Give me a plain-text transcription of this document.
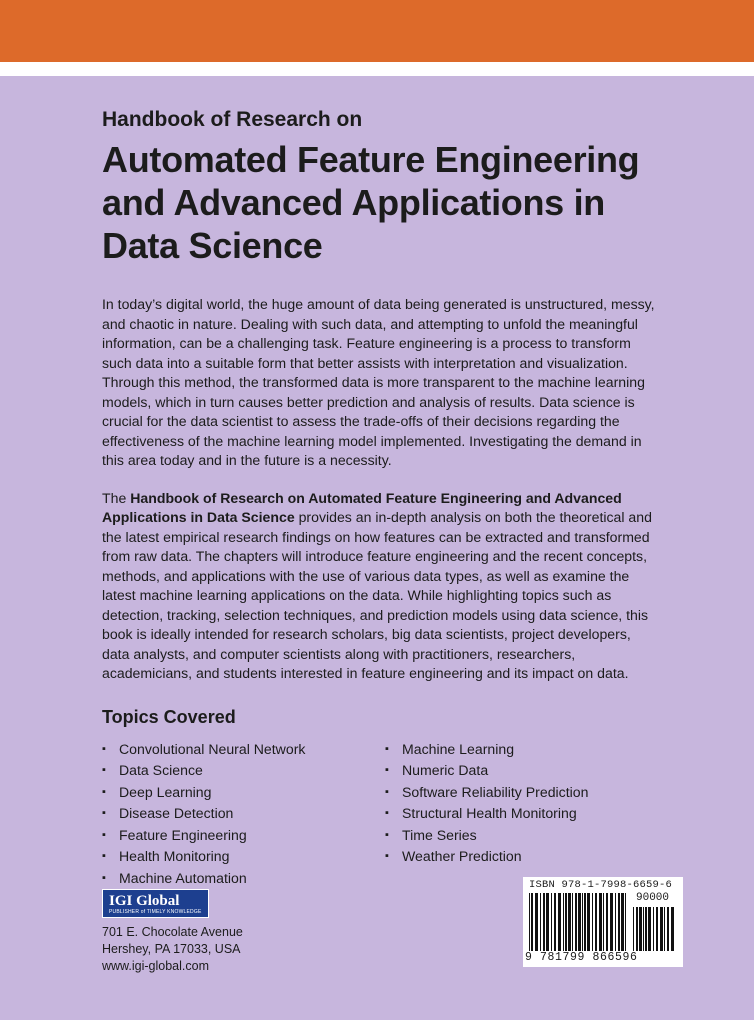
Handbook of Research on

Automated Feature Engineering
and Advanced Applications in
Data Science

In today’s digital world, the huge amount of data being generated is unstructured, messy, and chaotic in nature. Dealing with such data, and attempting to unfold the meaningful information, can be a challenging task. Feature engineering is a process to transform such data into a suitable form that better assists with interpretation and visualization. Through this method, the transformed data is more transparent to the machine learning models, which in turn causes better prediction and analysis of results. Data science is crucial for the data scientist to assess the trade-offs of their decisions regarding the effectiveness of the machine learning model implemented. Investigating the demand in this area today and in the future is a necessity.

The Handbook of Research on Automated Feature Engineering and Advanced Applications in Data Science provides an in-depth analysis on both the theoretical and the latest empirical research findings on how features can be extracted and transformed from raw data. The chapters will introduce feature engineering and the recent concepts, methods, and applications with the use of various data types, as well as examine the latest machine learning applications on the data. While highlighting topics such as detection, tracking, selection techniques, and prediction models using data science, this book is ideally intended for research scholars, big data scientists, project developers, data analysts, and computer scientists along with practitioners, researchers, academicians, and students interested in feature engineering and its impact on data.

Topics Covered
▪ Convolutional Neural Network
▪ Data Science
▪ Deep Learning
▪ Disease Detection
▪ Feature Engineering
▪ Health Monitoring
▪ Machine Automation
▪ Machine Learning
▪ Numeric Data
▪ Software Reliability Prediction
▪ Structural Health Monitoring
▪ Time Series
▪ Weather Prediction
IGI Global
PUBLISHER of TIMELY KNOWLEDGE
701 E. Chocolate Avenue
Hershey, PA 17033, USA
www.igi-global.com
ISBN 978-1-7998-6659-6
90000
9 781799 866596
